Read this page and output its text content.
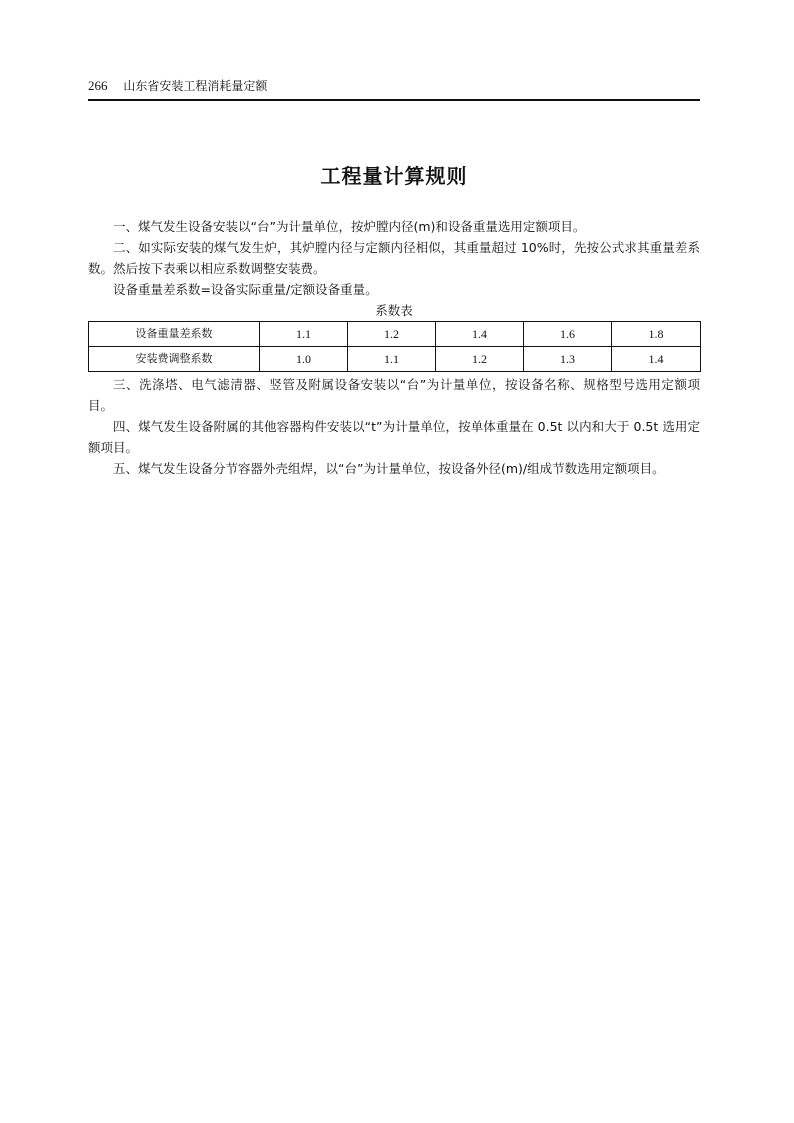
266 山东省安装工程消耗量定额
工程量计算规则

一、煤气发生设备安装以“台”为计量单位，按炉膛内径(m)和设备重量选用定额项目。

二、如实际安装的煤气发生炉，其炉膛内径与定额内径相似，其重量超过 10%时，先按公式求其重量差系数。然后按下表乘以相应系数调整安装费。

设备重量差系数=设备实际重量/定额设备重量。

系数表
设备重量差系数	1.1	1.2	1.4	1.6	1.8
安装费调整系数	1.0	1.1	1.2	1.3	1.4

三、洗涤塔、电气滤清器、竖管及附属设备安装以“台”为计量单位，按设备名称、规格型号选用定额项目。

四、煤气发生设备附属的其他容器构件安装以“t”为计量单位，按单体重量在 0.5t 以内和大于 0.5t 选用定额项目。

五、煤气发生设备分节容器外壳组焊，以“台”为计量单位，按设备外径(m)/组成节数选用定额项目。
